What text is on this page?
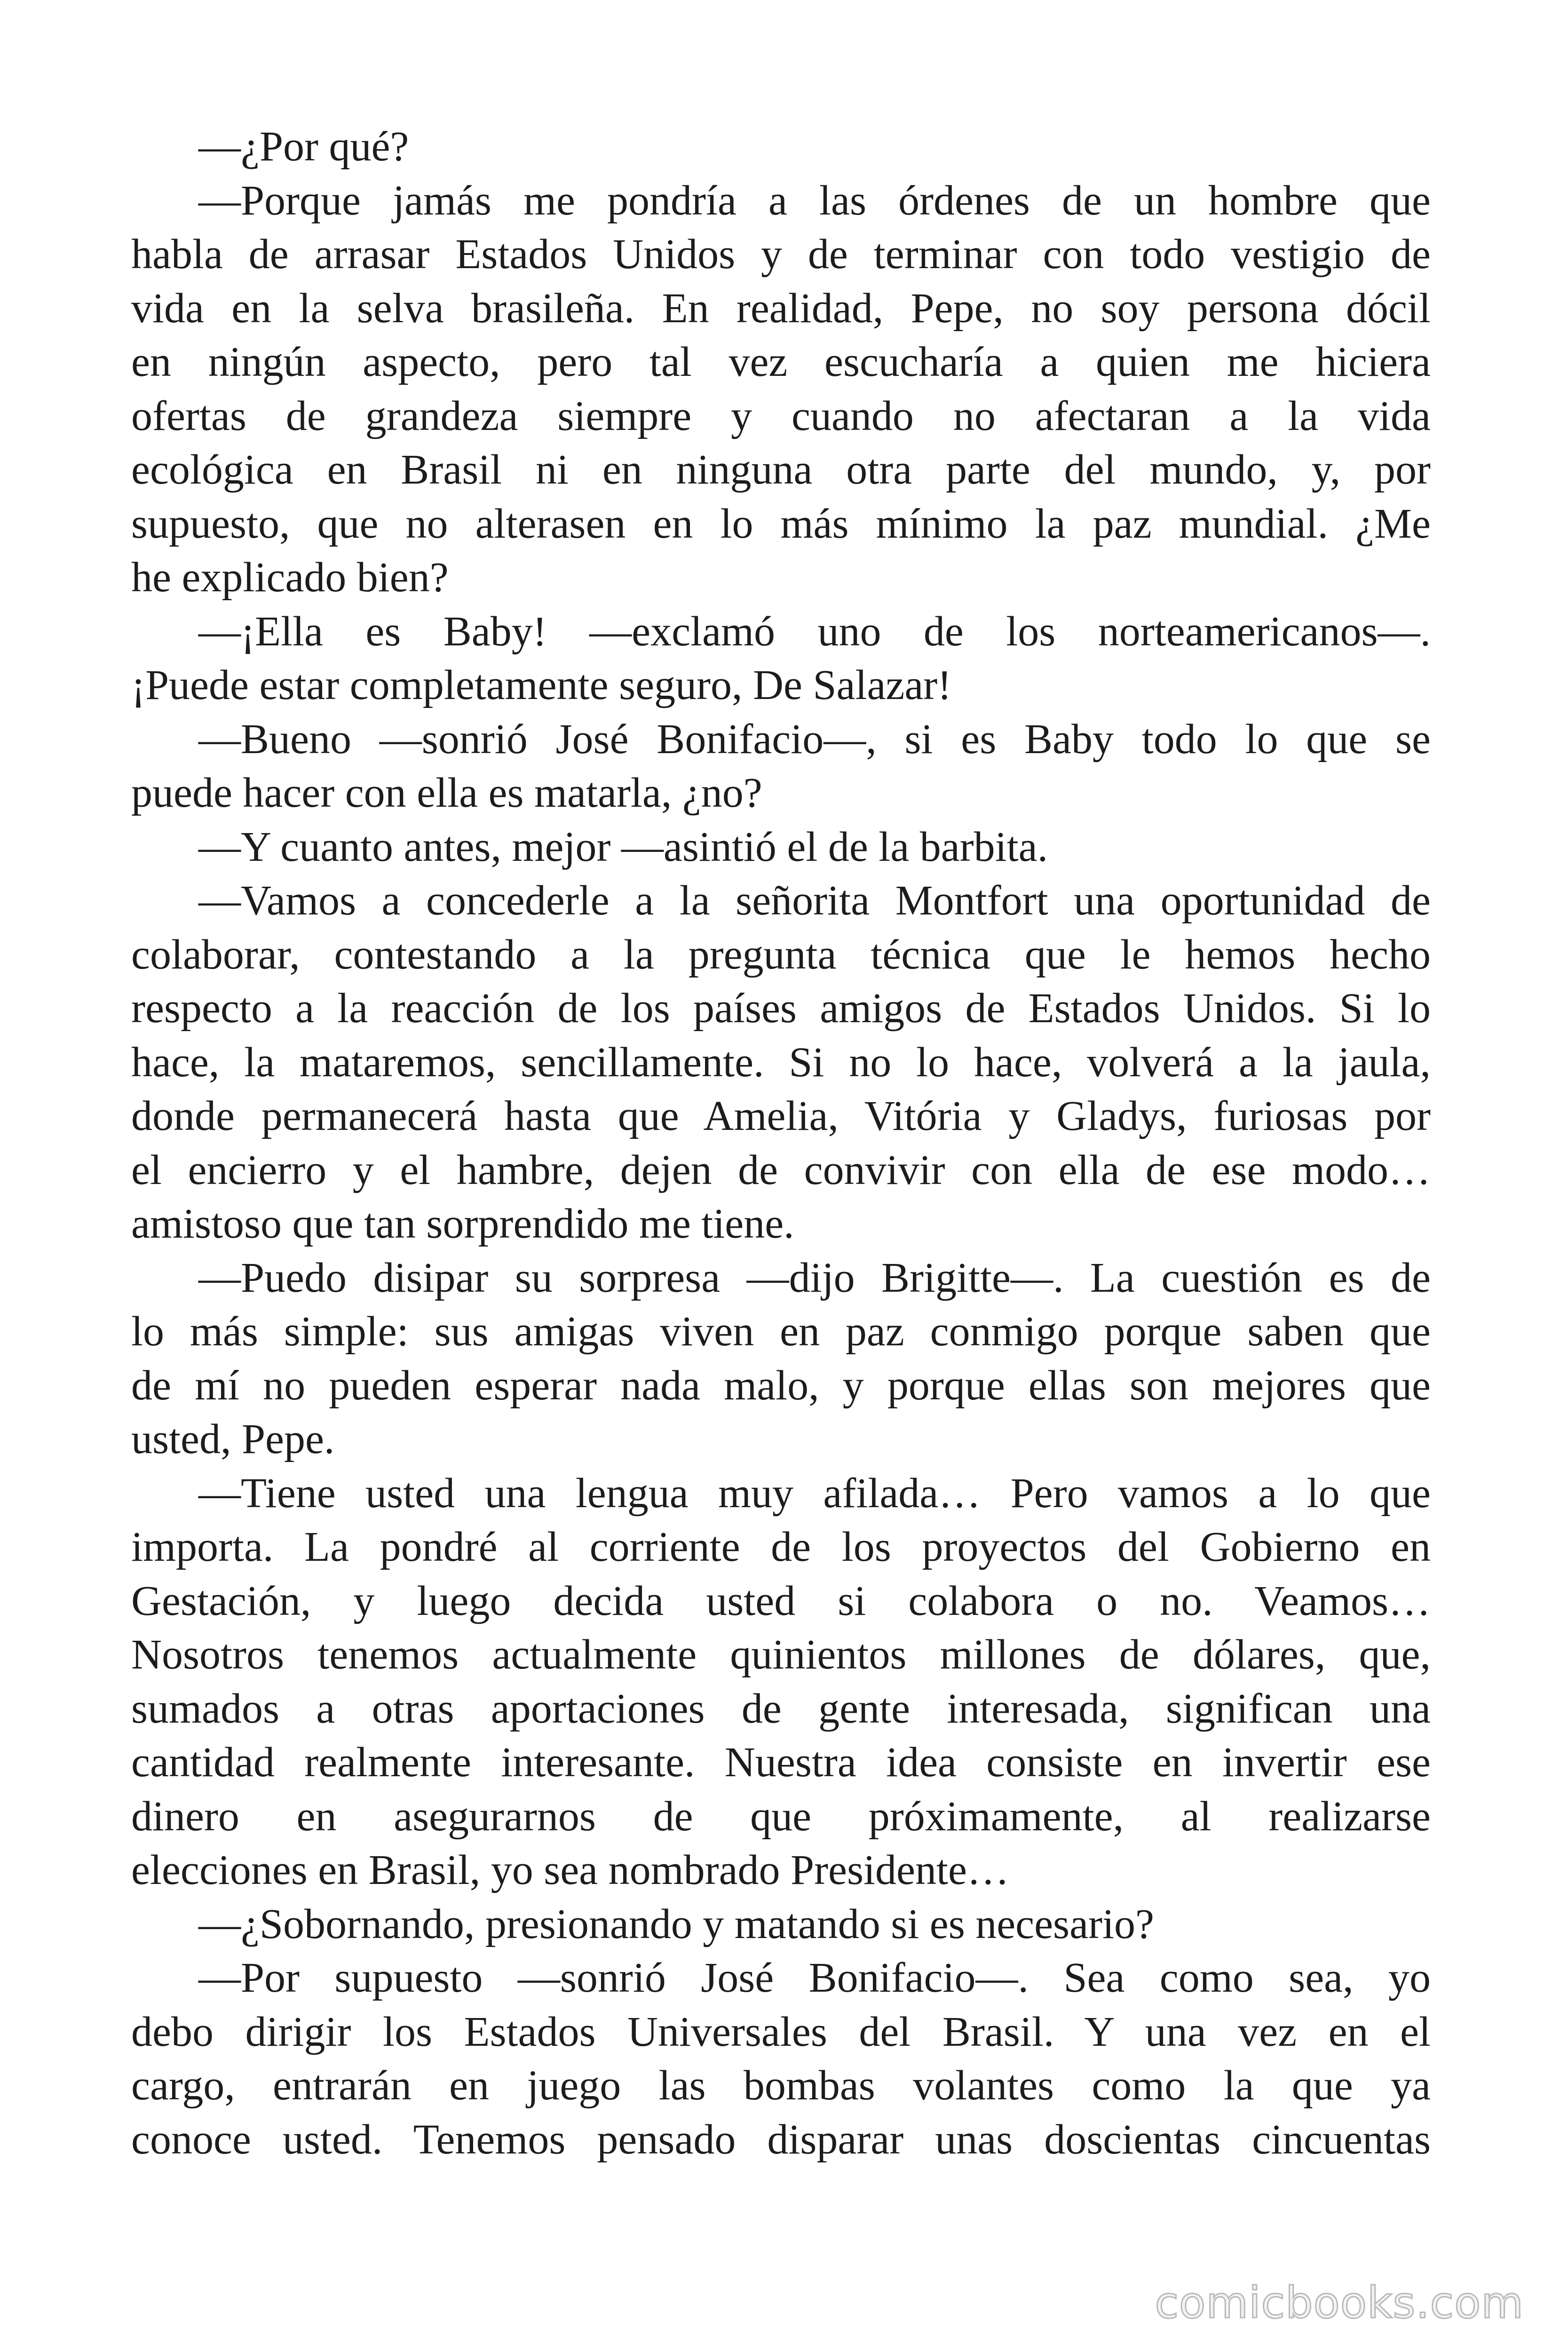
—¿Por qué?
—Porque jamás me pondría a las órdenes de un hombre que
habla de arrasar Estados Unidos y de terminar con todo vestigio de
vida en la selva brasileña. En realidad, Pepe, no soy persona dócil
en ningún aspecto, pero tal vez escucharía a quien me hiciera
ofertas de grandeza siempre y cuando no afectaran a la vida
ecológica en Brasil ni en ninguna otra parte del mundo, y, por
supuesto, que no alterasen en lo más mínimo la paz mundial. ¿Me
he explicado bien?
—¡Ella es Baby! —exclamó uno de los norteamericanos—.
¡Puede estar completamente seguro, De Salazar!
—Bueno —sonrió José Bonifacio—, si es Baby todo lo que se
puede hacer con ella es matarla, ¿no?
—Y cuanto antes, mejor —asintió el de la barbita.
—Vamos a concederle a la señorita Montfort una oportunidad de
colaborar, contestando a la pregunta técnica que le hemos hecho
respecto a la reacción de los países amigos de Estados Unidos. Si lo
hace, la mataremos, sencillamente. Si no lo hace, volverá a la jaula,
donde permanecerá hasta que Amelia, Vitória y Gladys, furiosas por
el encierro y el hambre, dejen de convivir con ella de ese modo…
amistoso que tan sorprendido me tiene.
—Puedo disipar su sorpresa —dijo Brigitte—. La cuestión es de
lo más simple: sus amigas viven en paz conmigo porque saben que
de mí no pueden esperar nada malo, y porque ellas son mejores que
usted, Pepe.
—Tiene usted una lengua muy afilada… Pero vamos a lo que
importa. La pondré al corriente de los proyectos del Gobierno en
Gestación, y luego decida usted si colabora o no. Veamos…
Nosotros tenemos actualmente quinientos millones de dólares, que,
sumados a otras aportaciones de gente interesada, significan una
cantidad realmente interesante. Nuestra idea consiste en invertir ese
dinero en asegurarnos de que próximamente, al realizarse
elecciones en Brasil, yo sea nombrado Presidente…
—¿Sobornando, presionando y matando si es necesario?
—Por supuesto —sonrió José Bonifacio—. Sea como sea, yo
debo dirigir los Estados Universales del Brasil. Y una vez en el
cargo, entrarán en juego las bombas volantes como la que ya
conoce usted. Tenemos pensado disparar unas doscientas cincuentas
comicbooks.com
